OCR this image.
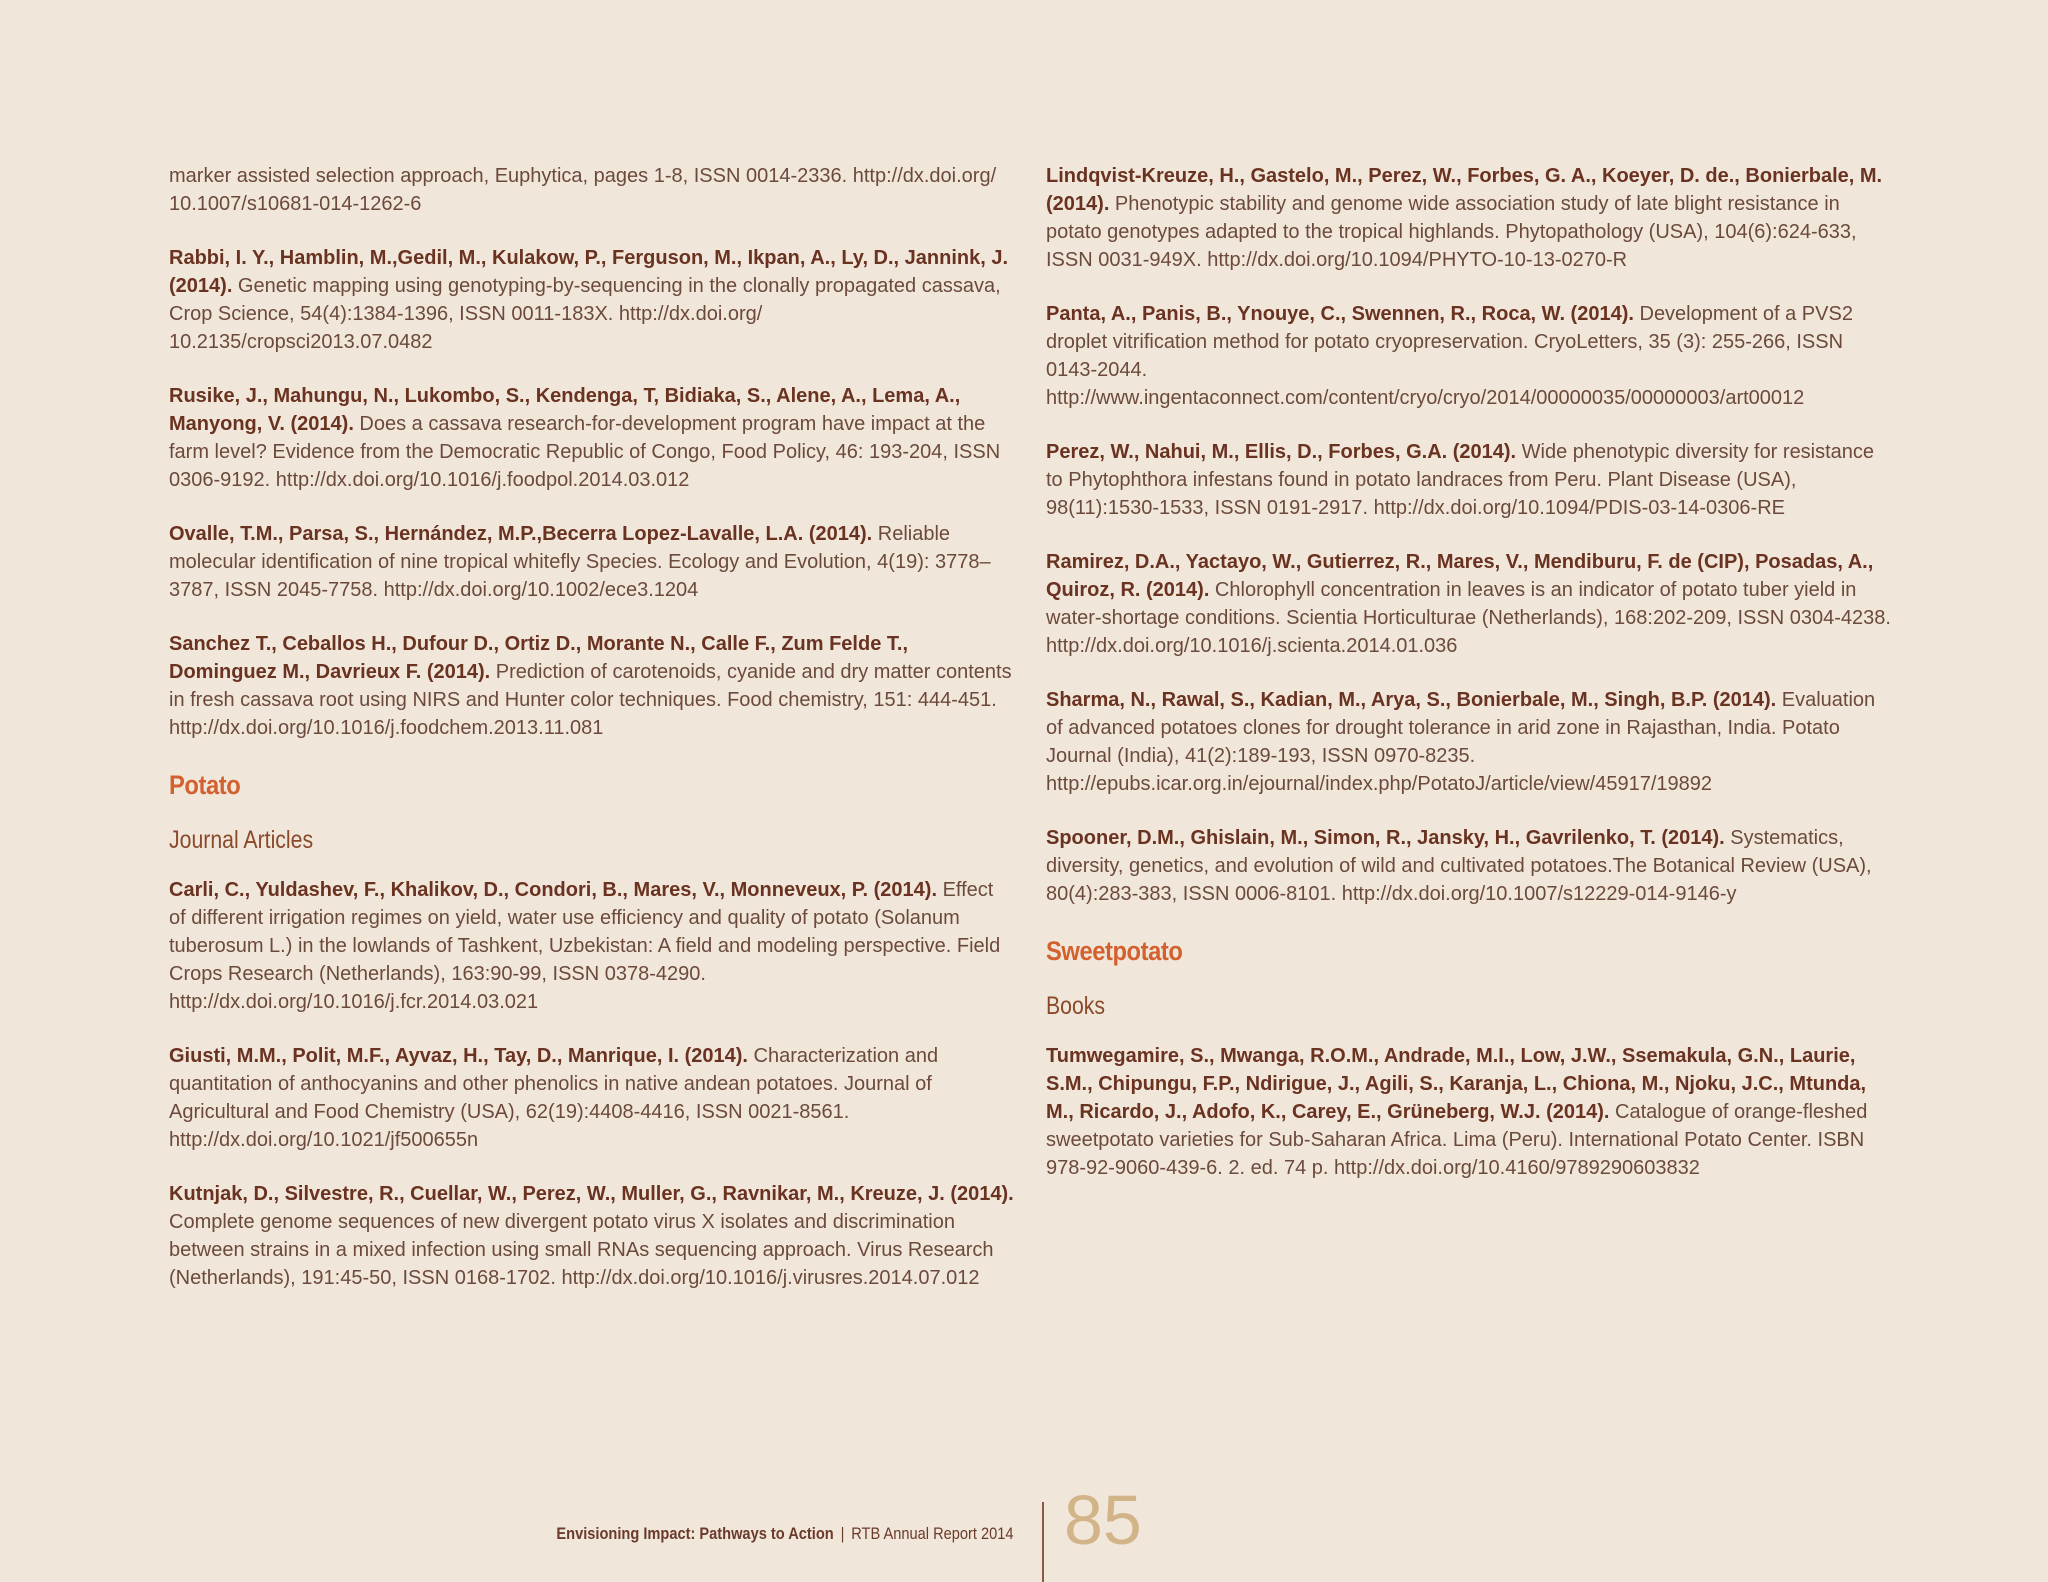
marker assisted selection approach, Euphytica, pages 1-8, ISSN 0014-2336. http://dx.doi.org/ 10.1007/s10681-014-1262-6

Rabbi, I. Y., Hamblin, M.,Gedil, M., Kulakow, P., Ferguson, M., Ikpan, A., Ly, D., Jannink, J. (2014). Genetic mapping using genotyping-by-sequencing in the clonally propagated cassava, Crop Science, 54(4):1384-1396, ISSN 0011-183X. http://dx.doi.org/ 10.2135/cropsci2013.07.0482

Rusike, J., Mahungu, N., Lukombo, S., Kendenga, T, Bidiaka, S., Alene, A., Lema, A., Manyong, V. (2014). Does a cassava research-for-development program have impact at the farm level? Evidence from the Democratic Republic of Congo, Food Policy, 46: 193-204, ISSN 0306-9192. http://dx.doi.org/10.1016/j.foodpol.2014.03.012

Ovalle, T.M., Parsa, S., Hernández, M.P.,Becerra Lopez-Lavalle, L.A. (2014). Reliable molecular identification of nine tropical whitefly Species. Ecology and Evolution, 4(19): 3778–3787, ISSN 2045-7758. http://dx.doi.org/10.1002/ece3.1204

Sanchez T., Ceballos H., Dufour D., Ortiz D., Morante N., Calle F., Zum Felde T., Dominguez M., Davrieux F. (2014). Prediction of carotenoids, cyanide and dry matter contents in fresh cassava root using NIRS and Hunter color techniques. Food chemistry, 151: 444-451. http://dx.doi.org/10.1016/j.foodchem.2013.11.081

Potato
Journal Articles

Carli, C., Yuldashev, F., Khalikov, D., Condori, B., Mares, V., Monneveux, P. (2014). Effect of different irrigation regimes on yield, water use efficiency and quality of potato (Solanum tuberosum L.) in the lowlands of Tashkent, Uzbekistan: A field and modeling perspective. Field Crops Research (Netherlands), 163:90-99, ISSN 0378-4290. http://dx.doi.org/10.1016/j.fcr.2014.03.021

Giusti, M.M., Polit, M.F., Ayvaz, H., Tay, D., Manrique, I. (2014). Characterization and quantitation of anthocyanins and other phenolics in native andean potatoes. Journal of Agricultural and Food Chemistry (USA), 62(19):4408-4416, ISSN 0021-8561. http://dx.doi.org/10.1021/jf500655n

Kutnjak, D., Silvestre, R., Cuellar, W., Perez, W., Muller, G., Ravnikar, M., Kreuze, J. (2014). Complete genome sequences of new divergent potato virus X isolates and discrimination between strains in a mixed infection using small RNAs sequencing approach. Virus Research (Netherlands), 191:45-50, ISSN 0168-1702. http://dx.doi.org/10.1016/j.virusres.2014.07.012

Lindqvist-Kreuze, H., Gastelo, M., Perez, W., Forbes, G. A., Koeyer, D. de., Bonierbale, M. (2014). Phenotypic stability and genome wide association study of late blight resistance in potato genotypes adapted to the tropical highlands. Phytopathology (USA), 104(6):624-633, ISSN 0031-949X. http://dx.doi.org/10.1094/PHYTO-10-13-0270-R

Panta, A., Panis, B., Ynouye, C., Swennen, R., Roca, W. (2014). Development of a PVS2 droplet vitrification method for potato cryopreservation. CryoLetters, 35 (3): 255-266, ISSN 0143-2044. http://www.ingentaconnect.com/content/cryo/cryo/2014/00000035/00000003/art00012

Perez, W., Nahui, M., Ellis, D., Forbes, G.A. (2014). Wide phenotypic diversity for resistance to Phytophthora infestans found in potato landraces from Peru. Plant Disease (USA), 98(11):1530-1533, ISSN 0191-2917. http://dx.doi.org/10.1094/PDIS-03-14-0306-RE

Ramirez, D.A., Yactayo, W., Gutierrez, R., Mares, V., Mendiburu, F. de (CIP), Posadas, A., Quiroz, R. (2014). Chlorophyll concentration in leaves is an indicator of potato tuber yield in water-shortage conditions. Scientia Horticulturae (Netherlands), 168:202-209, ISSN 0304-4238. http://dx.doi.org/10.1016/j.scienta.2014.01.036

Sharma, N., Rawal, S., Kadian, M., Arya, S., Bonierbale, M., Singh, B.P. (2014). Evaluation of advanced potatoes clones for drought tolerance in arid zone in Rajasthan, India. Potato Journal (India), 41(2):189-193, ISSN 0970-8235. http://epubs.icar.org.in/ejournal/index.php/PotatoJ/article/view/45917/19892

Spooner, D.M., Ghislain, M., Simon, R., Jansky, H., Gavrilenko, T. (2014). Systematics, diversity, genetics, and evolution of wild and cultivated potatoes.The Botanical Review (USA), 80(4):283-383, ISSN 0006-8101. http://dx.doi.org/10.1007/s12229-014-9146-y

Sweetpotato
Books

Tumwegamire, S., Mwanga, R.O.M., Andrade, M.I., Low, J.W., Ssemakula, G.N., Laurie, S.M., Chipungu, F.P., Ndirigue, J., Agili, S., Karanja, L., Chiona, M., Njoku, J.C., Mtunda, M., Ricardo, J., Adofo, K., Carey, E., Grüneberg, W.J. (2014). Catalogue of orange-fleshed sweetpotato varieties for Sub-Saharan Africa. Lima (Peru). International Potato Center. ISBN 978-92-9060-439-6. 2. ed. 74 p. http://dx.doi.org/10.4160/9789290603832

Envisioning Impact: Pathways to Action | RTB Annual Report 2014 85
